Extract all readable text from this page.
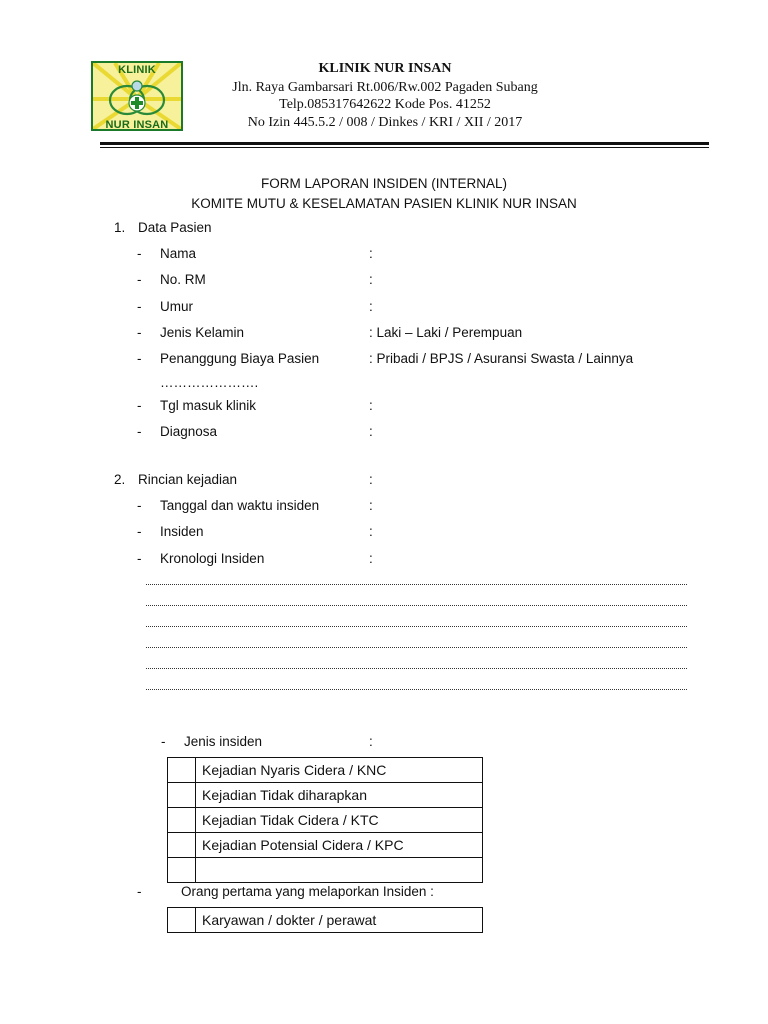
KLINIK
NUR INSAN
KLINIK NUR INSAN
Jln. Raya Gambarsari Rt.006/Rw.002 Pagaden Subang
Telp.085317642622 Kode Pos. 41252
No Izin 445.5.2 / 008 / Dinkes / KRI / XII / 2017
FORM LAPORAN INSIDEN (INTERNAL)
KOMITE MUTU & KESELAMATAN PASIEN KLINIK NUR INSAN
1. Data Pasien
- Nama	:
- No. RM	:
- Umur	:
- Jenis Kelamin	: Laki – Laki / Perempuan
- Penanggung Biaya Pasien	: Pribadi / BPJS / Asuransi Swasta / Lainnya
………………….
- Tgl masuk klinik	:
- Diagnosa	:
2. Rincian kejadian	:
- Tanggal dan waktu insiden	:
- Insiden	:
- Kronologi Insiden	:
- Jenis insiden	:
	Kejadian Nyaris Cidera / KNC
	Kejadian Tidak diharapkan
	Kejadian Tidak Cidera / KTC
	Kejadian Potensial Cidera / KPC

-	Orang pertama yang melaporkan Insiden :
	Karyawan / dokter / perawat
